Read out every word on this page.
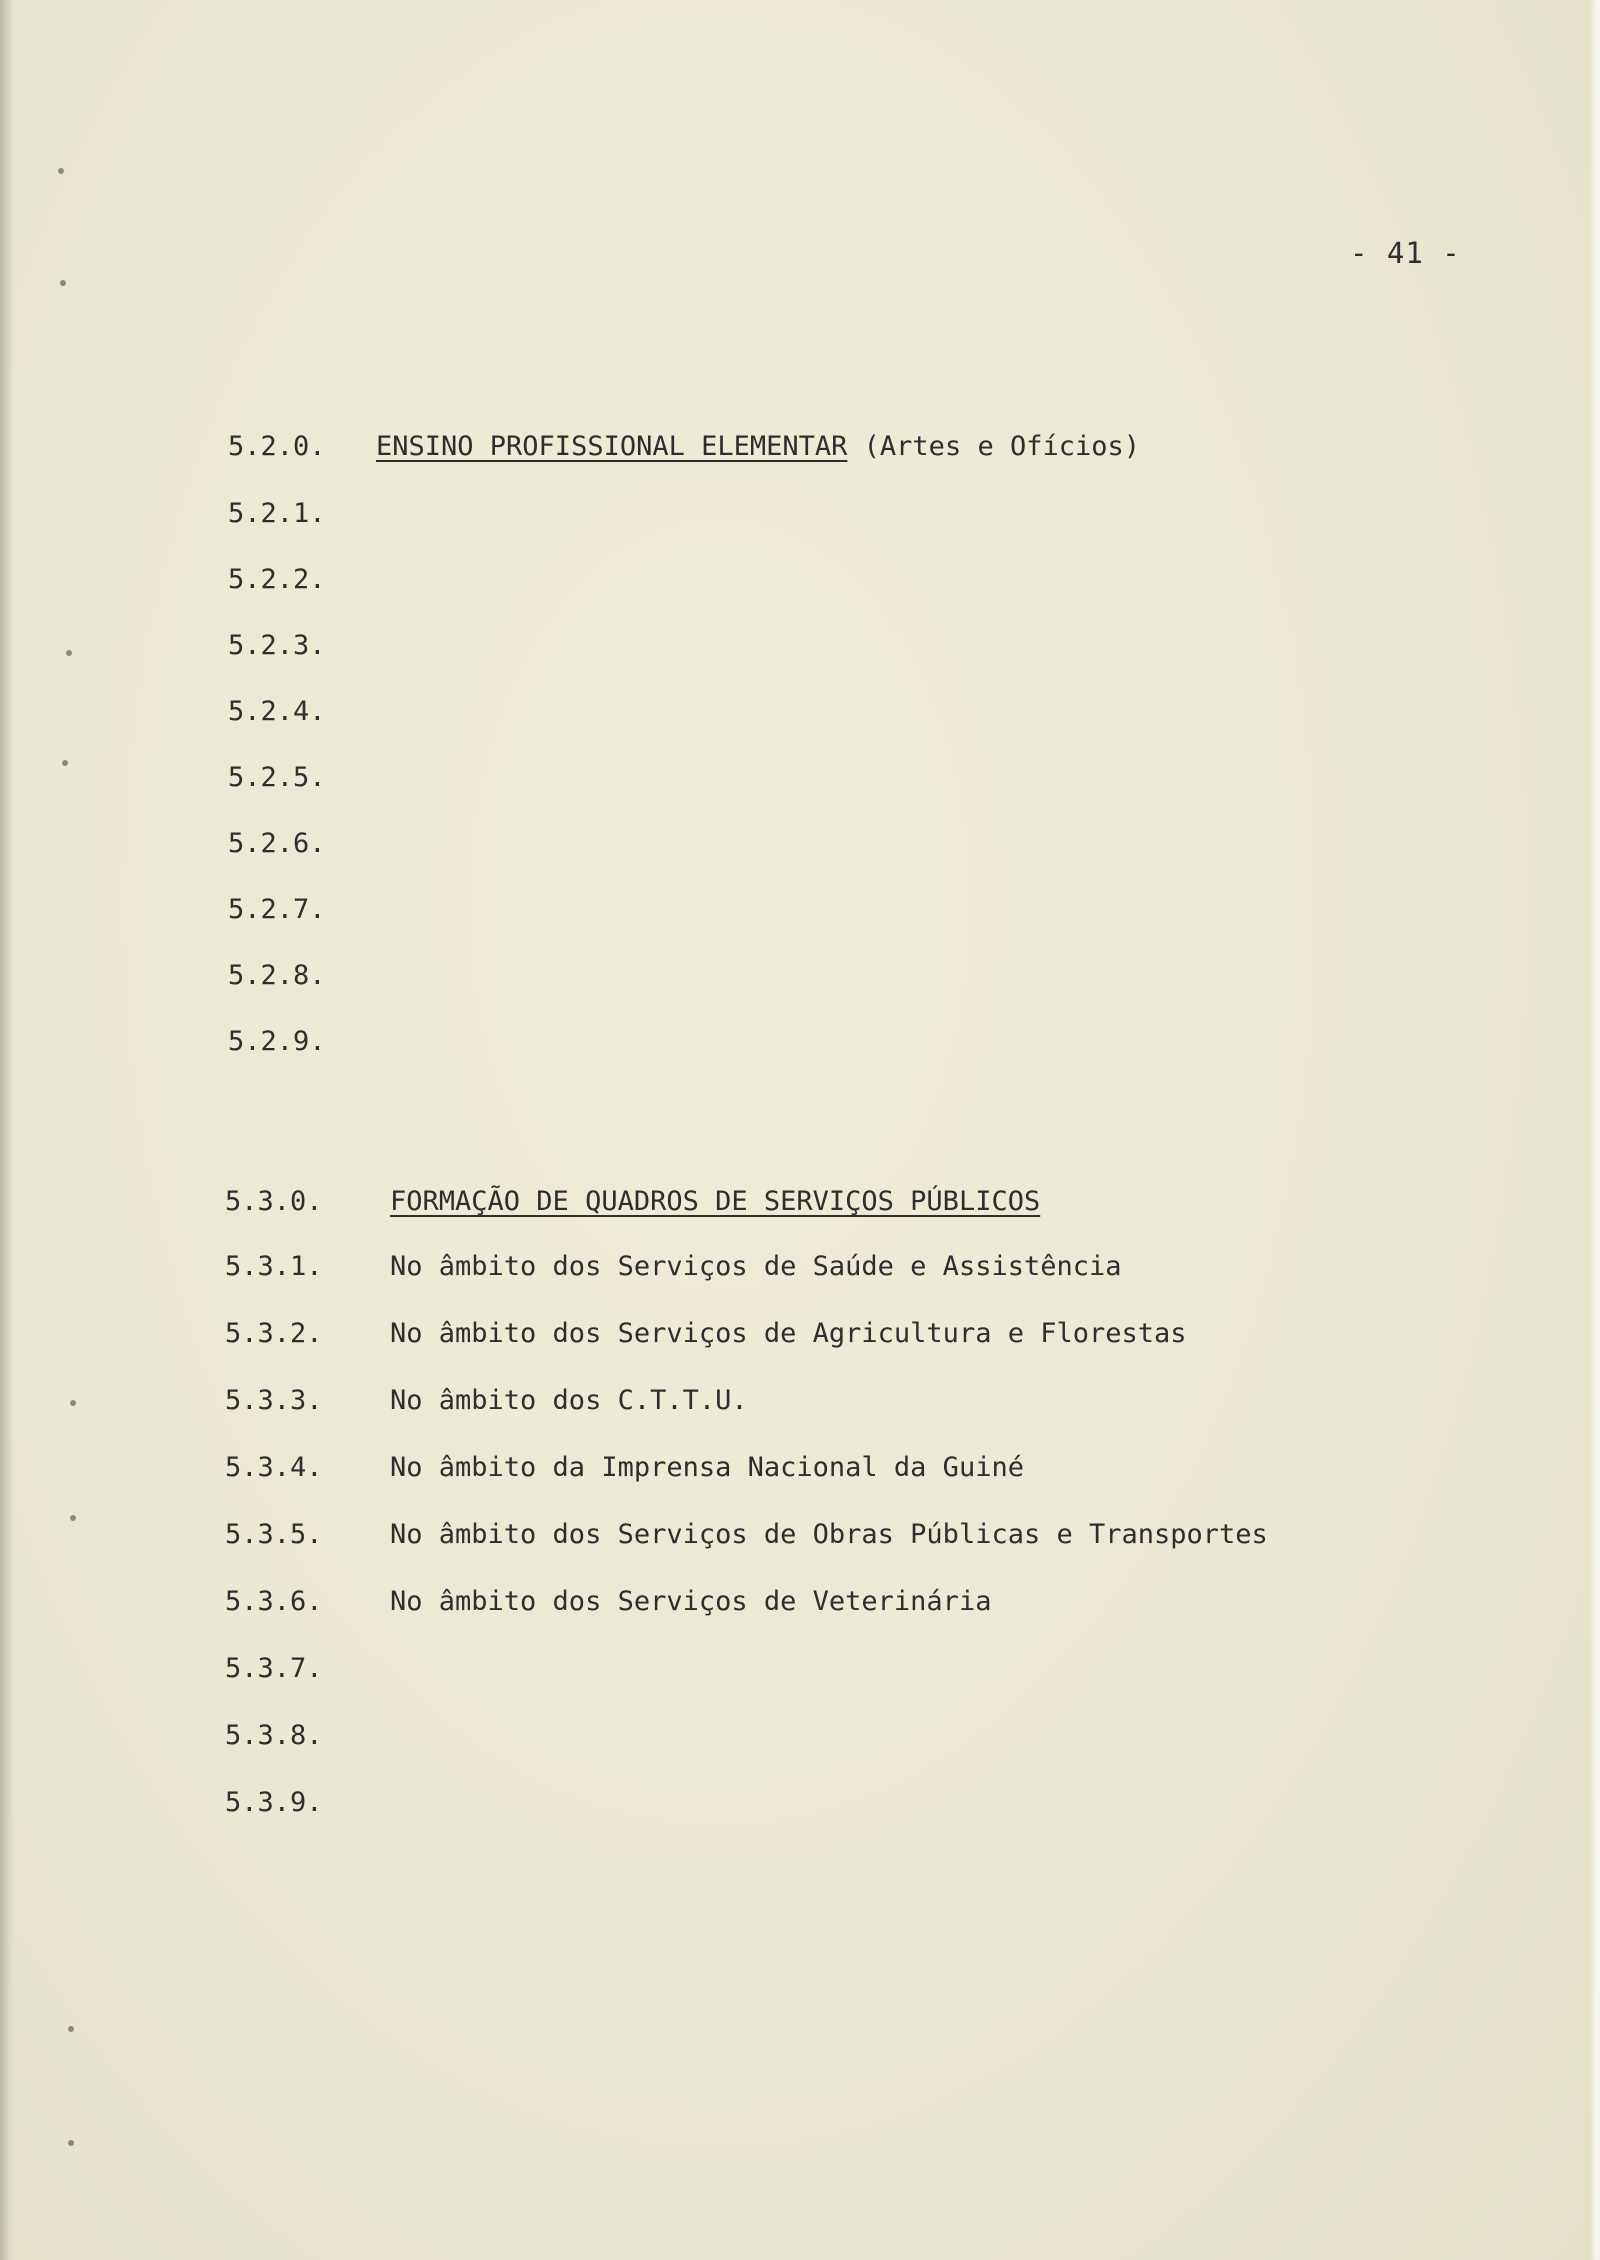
- 41 -
5.2.0. ENSINO PROFISSIONAL ELEMENTAR (Artes e Ofícios)
5.2.1.
5.2.2.
5.2.3.
5.2.4.
5.2.5.
5.2.6.
5.2.7.
5.2.8.
5.2.9.
5.3.0. FORMAÇÃO DE QUADROS DE SERVIÇOS PÚBLICOS
5.3.1. No âmbito dos Serviços de Saúde e Assistência
5.3.2. No âmbito dos Serviços de Agricultura e Florestas
5.3.3. No âmbito dos C.T.T.U.
5.3.4. No âmbito da Imprensa Nacional da Guiné
5.3.5. No âmbito dos Serviços de Obras Públicas e Transportes
5.3.6. No âmbito dos Serviços de Veterinária
5.3.7.
5.3.8.
5.3.9.
